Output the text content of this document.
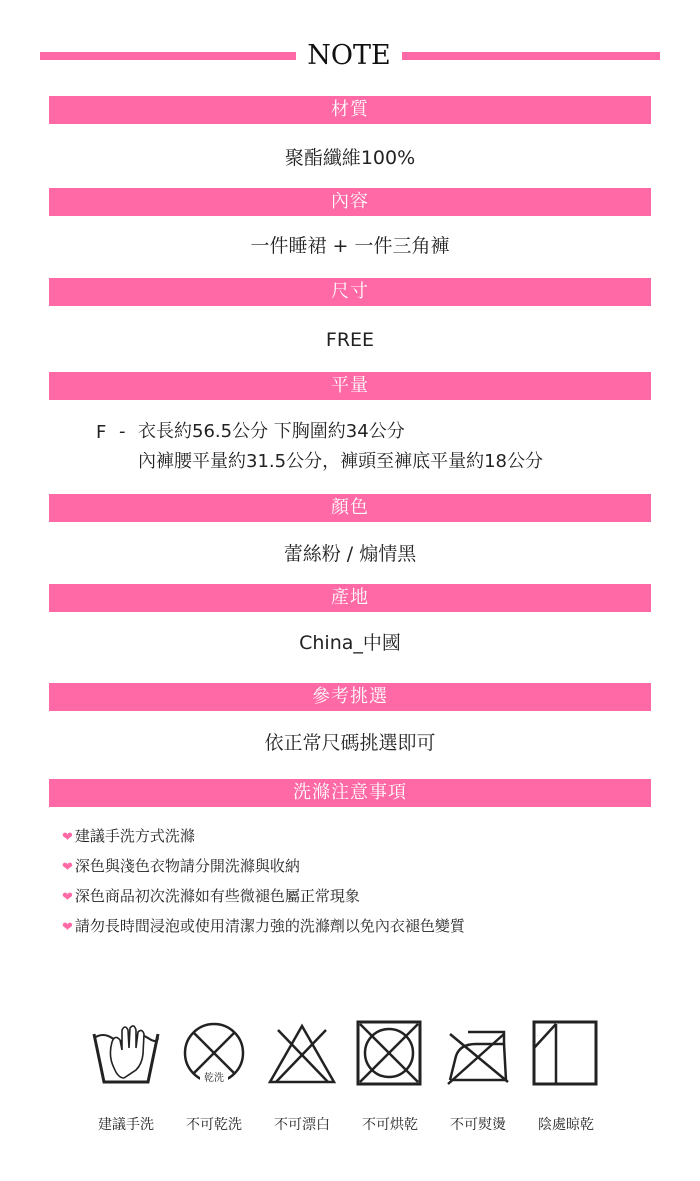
NOTE
材質
聚酯纖維100%
內容
一件睡裙 + 一件三角褲
尺寸
FREE
平量
F - 衣長約56.5公分 下胸圍約34公分
內褲腰平量約31.5公分，褲頭至褲底平量約18公分
顏色
蕾絲粉 / 煽情黑
產地
China_中國
參考挑選
依正常尺碼挑選即可
洗滌注意事項
❤ 建議手洗方式洗滌
❤ 深色與淺色衣物請分開洗滌與收納
❤ 深色商品初次洗滌如有些微褪色屬正常現象
❤ 請勿長時間浸泡或使用清潔力強的洗滌劑以免內衣褪色變質
建議手洗
乾洗
不可乾洗	不可漂白	不可烘乾	不可熨燙	陰處晾乾
